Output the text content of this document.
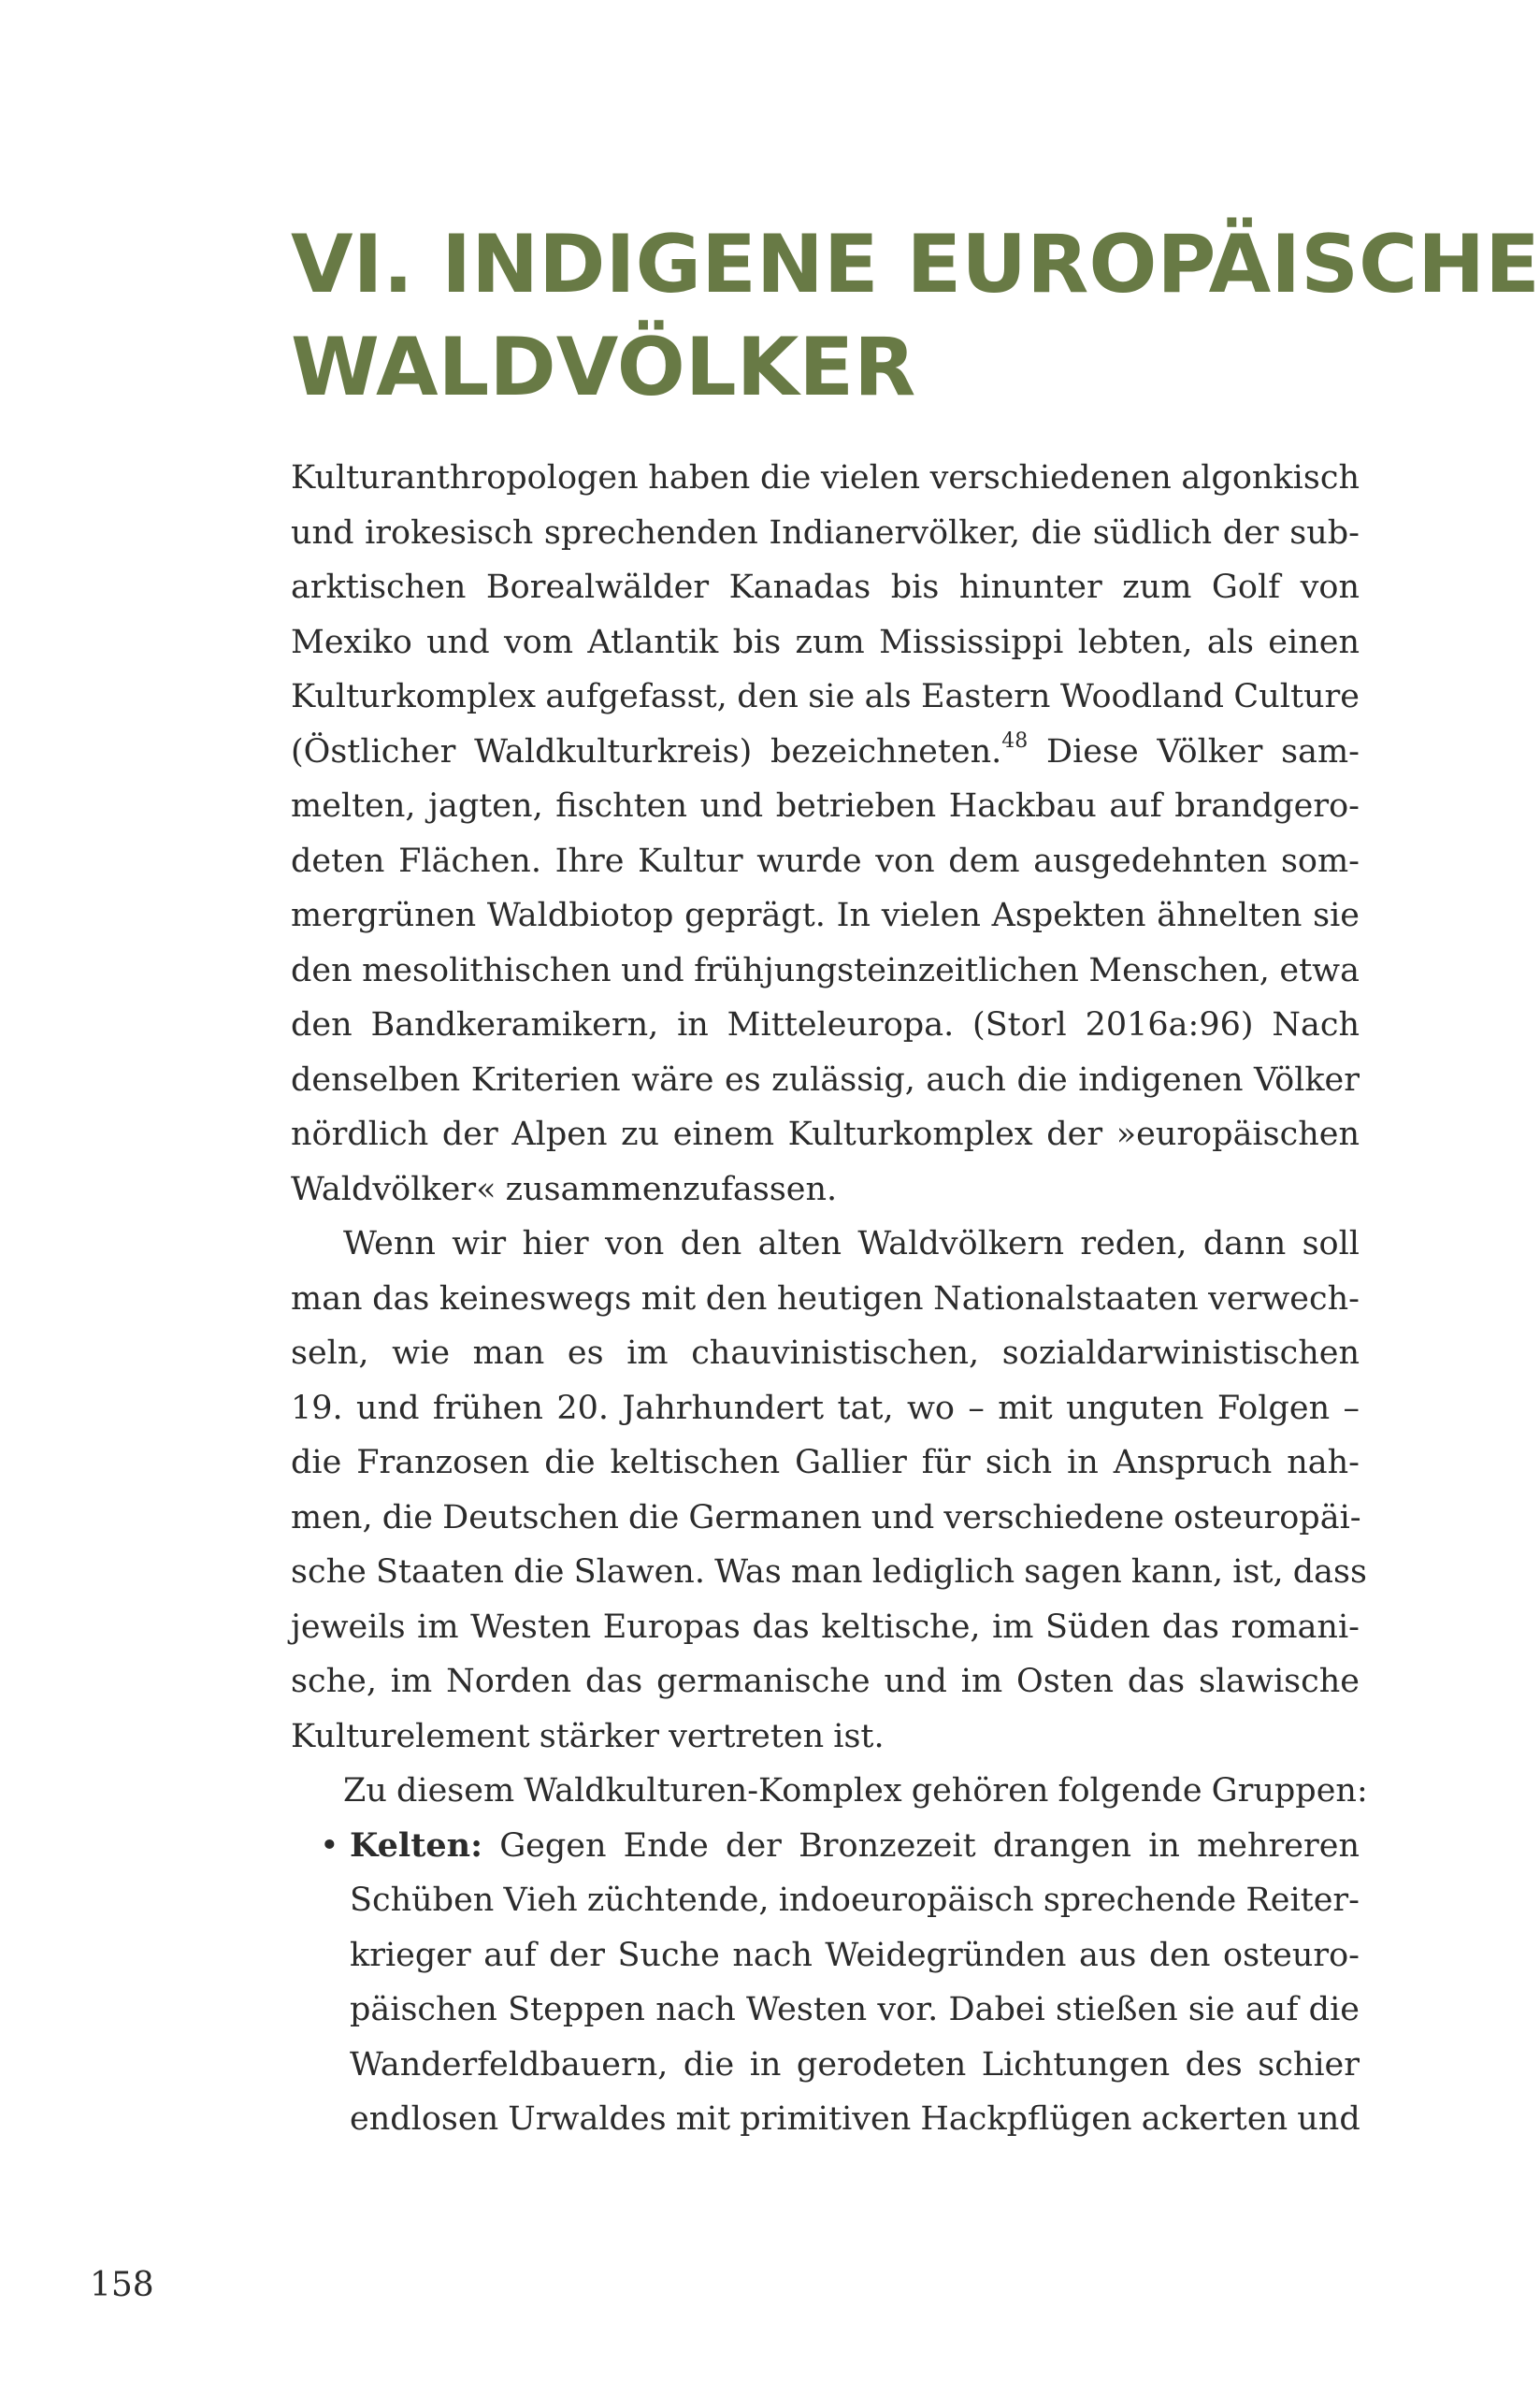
VI. INDIGENE EUROPÄISCHE
WALDVÖLKER
Kulturanthropologen haben die vielen verschiedenen algonkisch
und irokesisch sprechenden Indianervölker, die südlich der sub-
arktischen Borealwälder Kanadas bis hinunter zum Golf von
Mexiko und vom Atlantik bis zum Mississippi lebten, als einen
Kulturkomplex aufgefasst, den sie als Eastern Woodland Culture
(Östlicher Waldkulturkreis) bezeichneten.$^{48}$ Diese Völker sam-
melten, jagten, fischten und betrieben Hackbau auf brandgero-
deten Flächen. Ihre Kultur wurde von dem ausgedehnten som-
mergrünen Waldbiotop geprägt. In vielen Aspekten ähnelten sie
den mesolithischen und frühjungsteinzeitlichen Menschen, etwa
den Bandkeramikern, in Mitteleuropa. (Storl 2016a:96) Nach
denselben Kriterien wäre es zulässig, auch die indigenen Völker
nördlich der Alpen zu einem Kulturkomplex der »europäischen
Waldvölker« zusammenzufassen.
Wenn wir hier von den alten Waldvölkern reden, dann soll
man das keineswegs mit den heutigen Nationalstaaten verwech-
seln, wie man es im chauvinistischen, sozialdarwinistischen
19. und frühen 20. Jahrhundert tat, wo – mit unguten Folgen –
die Franzosen die keltischen Gallier für sich in Anspruch nah-
men, die Deutschen die Germanen und verschiedene osteuropäi-
sche Staaten die Slawen. Was man lediglich sagen kann, ist, dass
jeweils im Westen Europas das keltische, im Süden das romani-
sche, im Norden das germanische und im Osten das slawische
Kulturelement stärker vertreten ist.
Zu diesem Waldkulturen-Komplex gehören folgende Gruppen:
• Kelten: Gegen Ende der Bronzezeit drangen in mehreren
Schüben Vieh züchtende, indoeuropäisch sprechende Reiter-
krieger auf der Suche nach Weidegründen aus den osteuro-
päischen Steppen nach Westen vor. Dabei stießen sie auf die
Wanderfeldbauern, die in gerodeten Lichtungen des schier
endlosen Urwaldes mit primitiven Hackpflügen ackerten und
158
